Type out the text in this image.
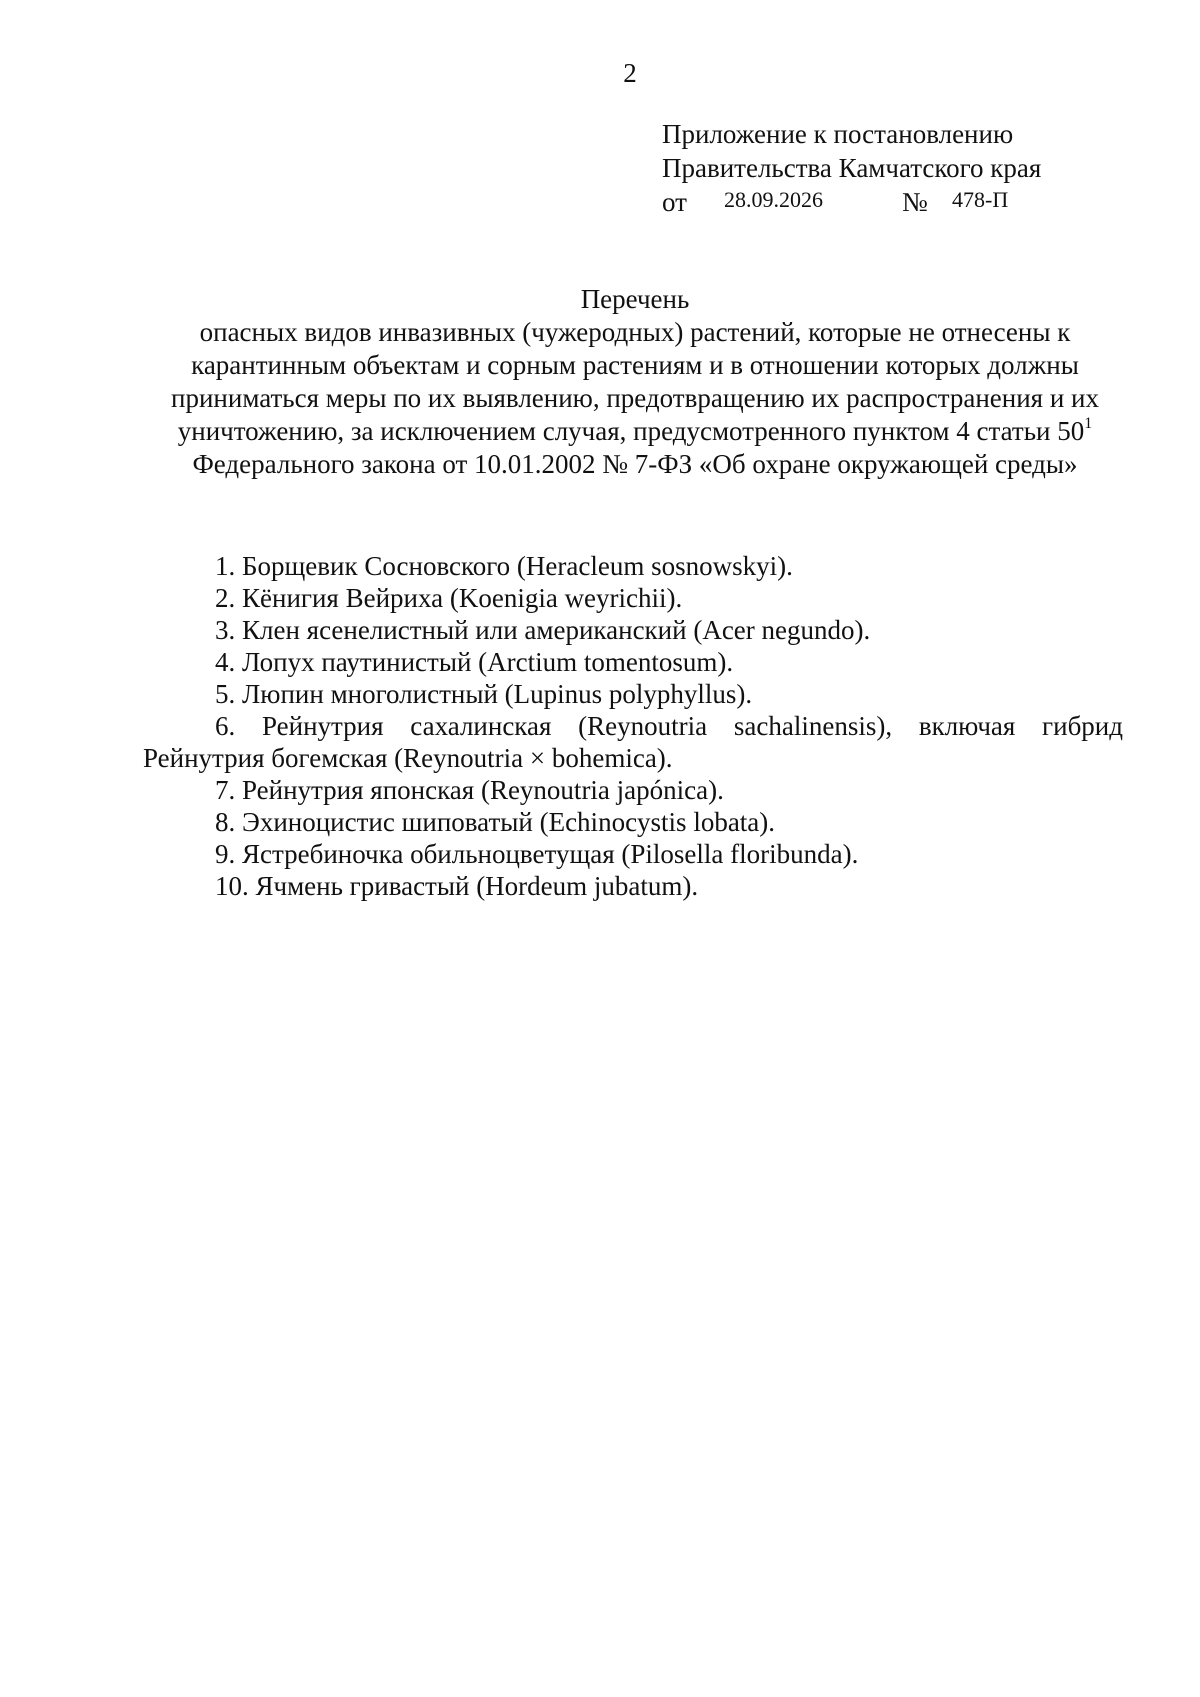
2
Приложение к постановлению
Правительства Камчатского края
от 28.09.2026	№ 478-П
Перечень
опасных видов инвазивных (чужеродных) растений, которые не отнесены к карантинным объектам и сорным растениям и в отношении которых должны приниматься меры по их выявлению, предотвращению их распространения и их уничтожению, за исключением случая, предусмотренного пунктом 4 статьи $50^1$
Федерального закона от 10.01.2002 № 7-ФЗ «Об охране окружающей среды»

1. Борщевик Сосновского (Heracleum sosnowskyi).

2. Кёнигия Вейриха (Koenigia weyrichii).

3. Клен ясенелистный или американский (Acer negundo).

4. Лопух паутинистый (Arctium tomentosum).

5. Люпин многолистный (Lupinus polyphyllus).

6. Рейнутрия сахалинская (Reynoutria sachalinensis), включая гибрид Рейнутрия богемская (Reynoutria × bohemica).

7. Рейнутрия японская (Reynoutria japónica).

8. Эхиноцистис шиповатый (Echinocystis lobata).

9. Ястребиночка обильноцветущая (Pilosella floribunda).

10. Ячмень гривастый (Hordeum jubatum).
